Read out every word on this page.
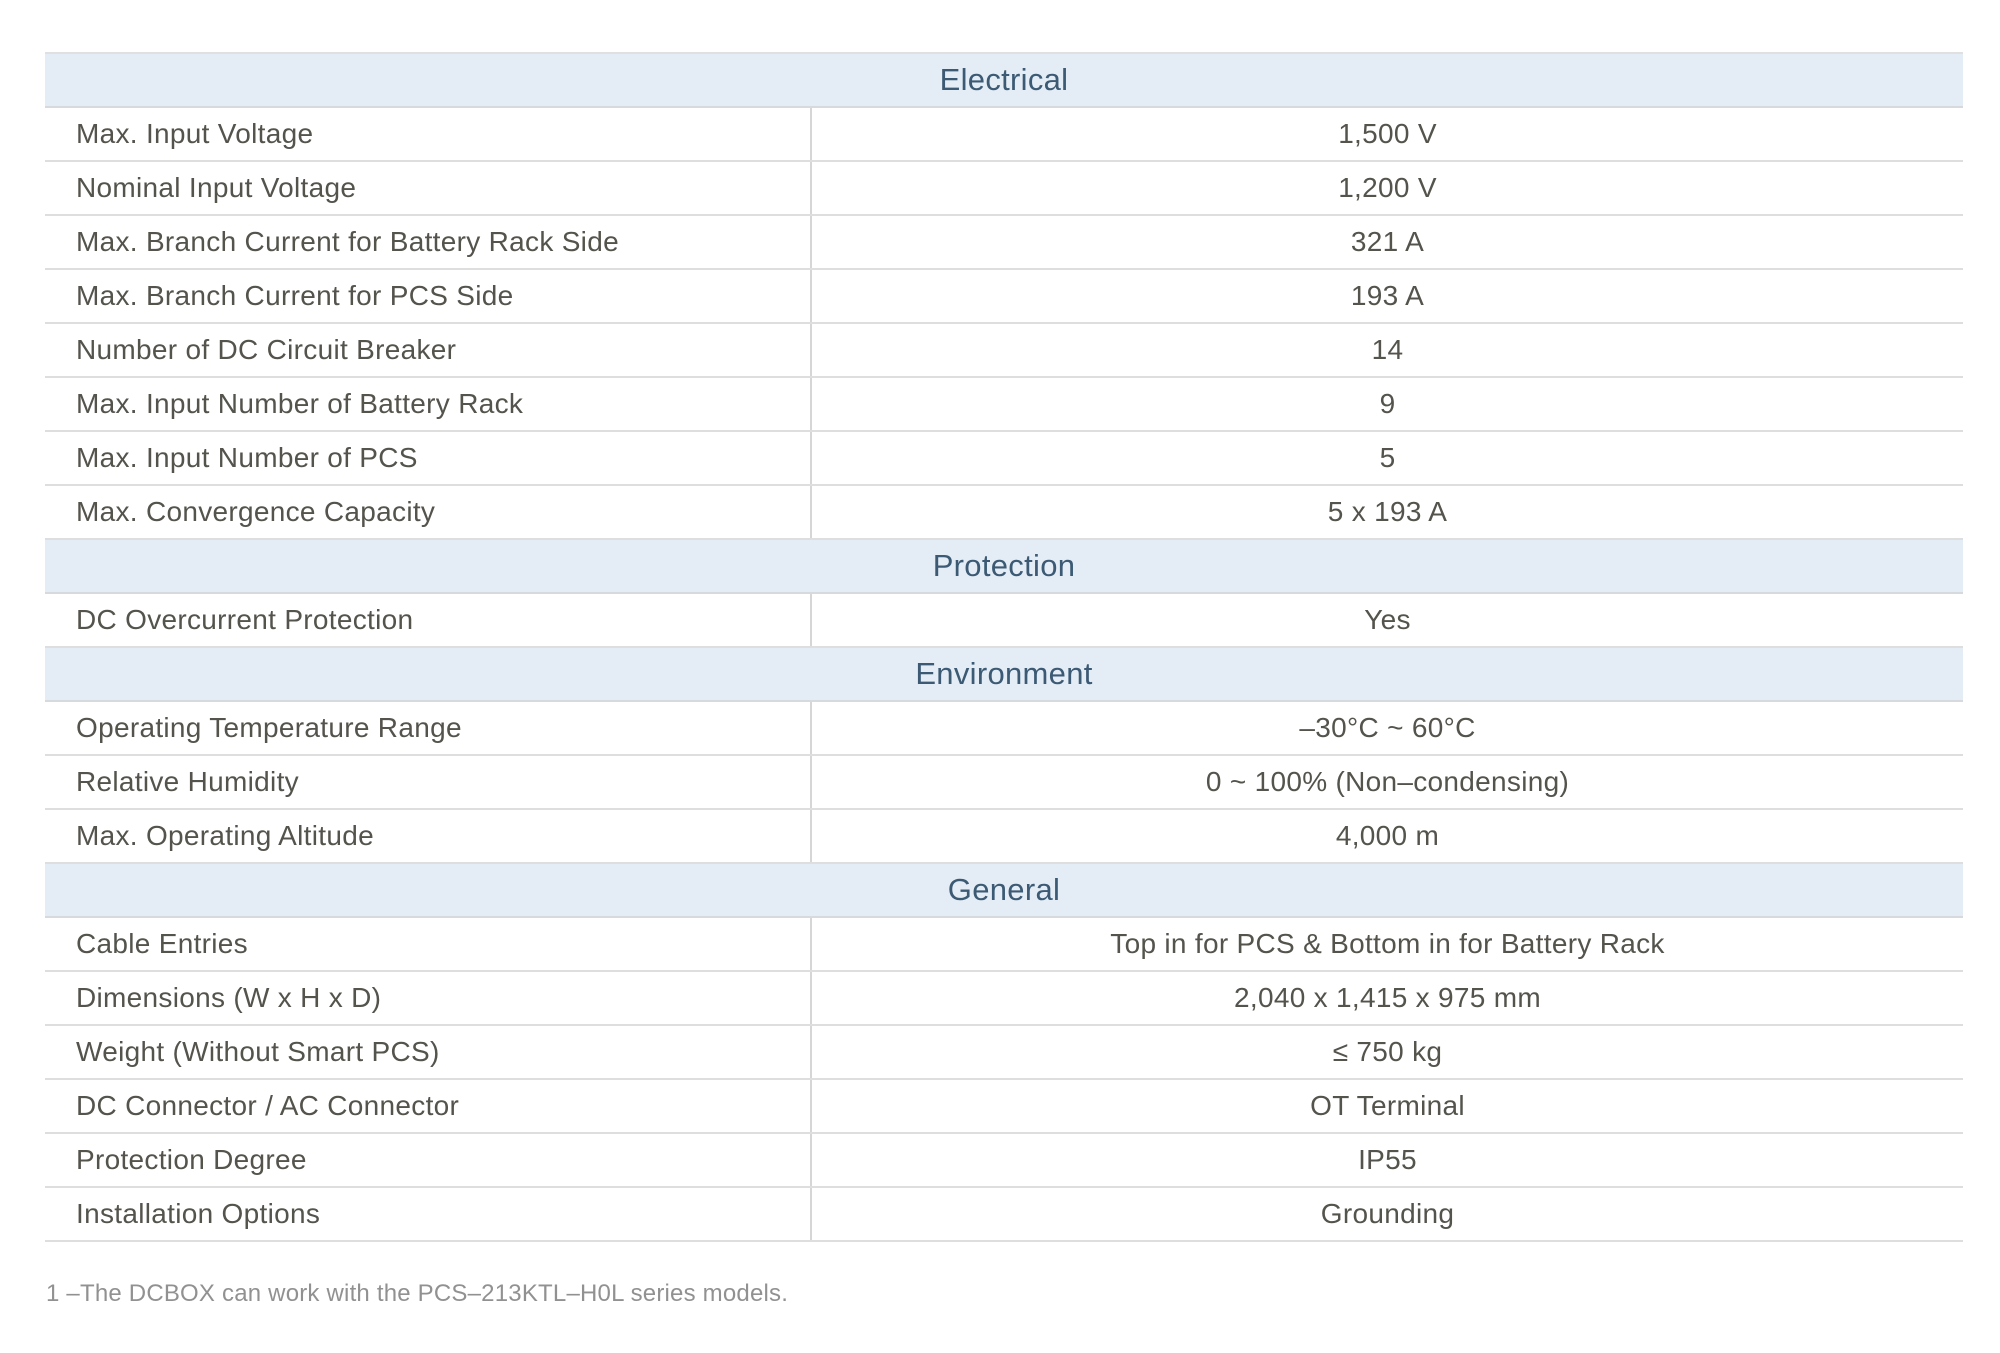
Electrical
Max. Input Voltage	1,500 V
Nominal Input Voltage	1,200 V
Max. Branch Current for Battery Rack Side	321 A
Max. Branch Current for PCS Side	193 A
Number of DC Circuit Breaker	14
Max. Input Number of Battery Rack	9
Max. Input Number of PCS	5
Max. Convergence Capacity	5 x 193 A
Protection
DC Overcurrent Protection	Yes
Environment
Operating Temperature Range	–30°C ~ 60°C
Relative Humidity	0 ~ 100% (Non–condensing)
Max. Operating Altitude	4,000 m
General
Cable Entries	Top in for PCS & Bottom in for Battery Rack
Dimensions (W x H x D)	2,040 x 1,415 x 975 mm
Weight (Without Smart PCS)	≤ 750 kg
DC Connector / AC Connector	OT Terminal
Protection Degree	IP55
Installation Options	Grounding
1 –The DCBOX can work with the PCS–213KTL–H0L series models.
